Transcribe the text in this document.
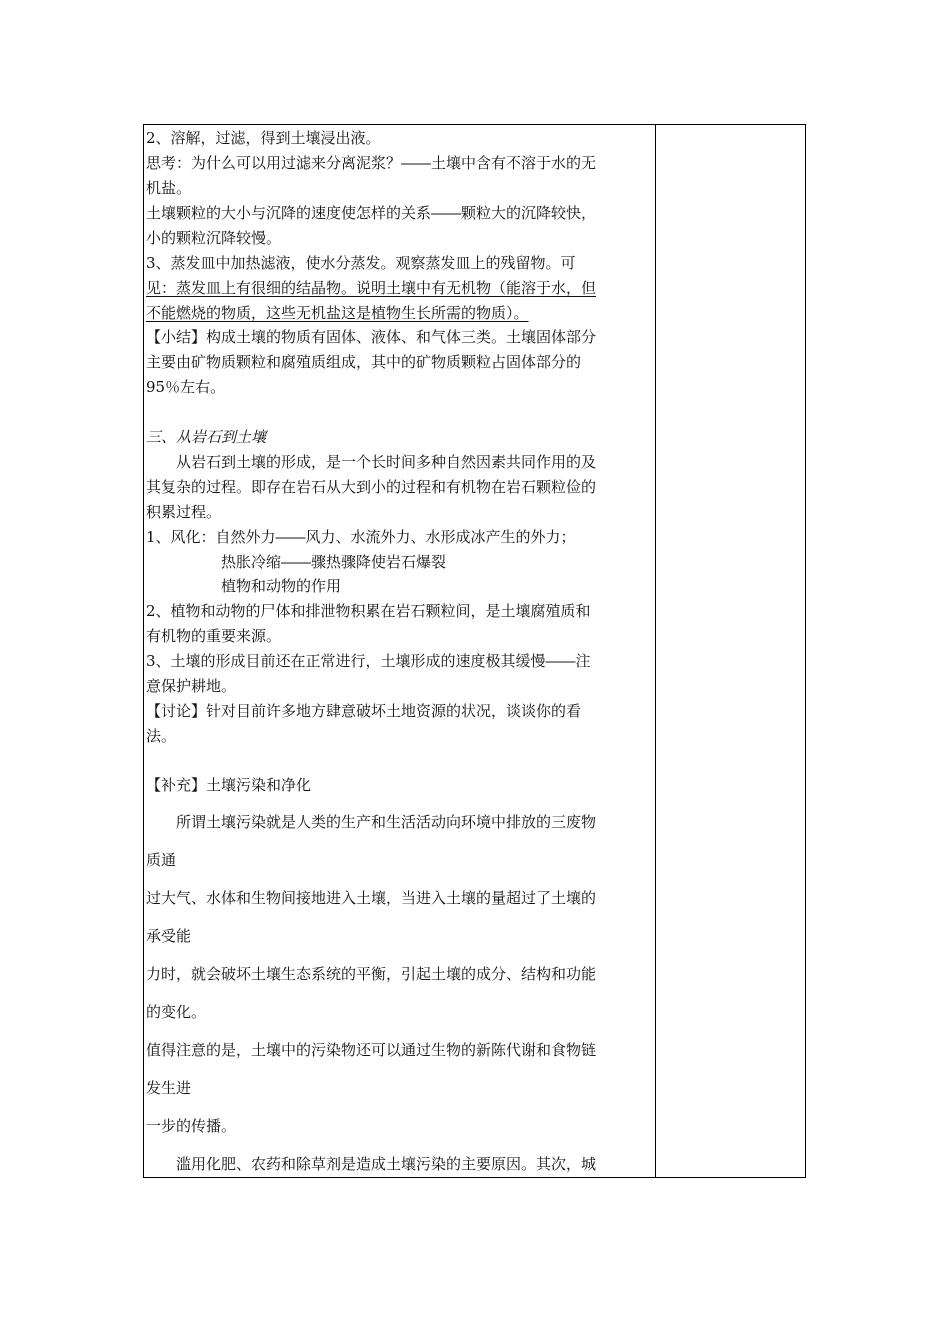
2、溶解，过滤，得到土壤浸出液。
思考：为什么可以用过滤来分离泥浆？――土壤中含有不溶于水的无
机盐。
土壤颗粒的大小与沉降的速度使怎样的关系――颗粒大的沉降较快，
小的颗粒沉降较慢。
3、蒸发皿中加热滤液，使水分蒸发。观察蒸发皿上的残留物。可
见：蒸发皿上有很细的结晶物。说明土壤中有无机物（能溶于水，但
不能燃烧的物质，这些无机盐这是植物生长所需的物质）。
【小结】构成土壤的物质有固体、液体、和气体三类。土壤固体部分
主要由矿物质颗粒和腐殖质组成，其中的矿物质颗粒占固体部分的
95％左右。
三、从岩石到土壤
从岩石到土壤的形成，是一个长时间多种自然因素共同作用的及
其复杂的过程。即存在岩石从大到小的过程和有机物在岩石颗粒俭的
积累过程。
1、风化：自然外力――风力、水流外力、水形成冰产生的外力；
热胀冷缩――骤热骤降使岩石爆裂
植物和动物的作用
2、植物和动物的尸体和排泄物积累在岩石颗粒间，是土壤腐殖质和
有机物的重要来源。
3、土壤的形成目前还在正常进行，土壤形成的速度极其缓慢――注
意保护耕地。
【讨论】针对目前许多地方肆意破坏土地资源的状况，谈谈你的看
法。
【补充】土壤污染和净化
所谓土壤污染就是人类的生产和生活活动向环境中排放的三废物
质通
过大气、水体和生物间接地进入土壤，当进入土壤的量超过了土壤的
承受能
力时，就会破坏土壤生态系统的平衡，引起土壤的成分、结构和功能
的变化。
值得注意的是，土壤中的污染物还可以通过生物的新陈代谢和食物链
发生进
一步的传播。
滥用化肥、农药和除草剂是造成土壤污染的主要原因。其次，城
